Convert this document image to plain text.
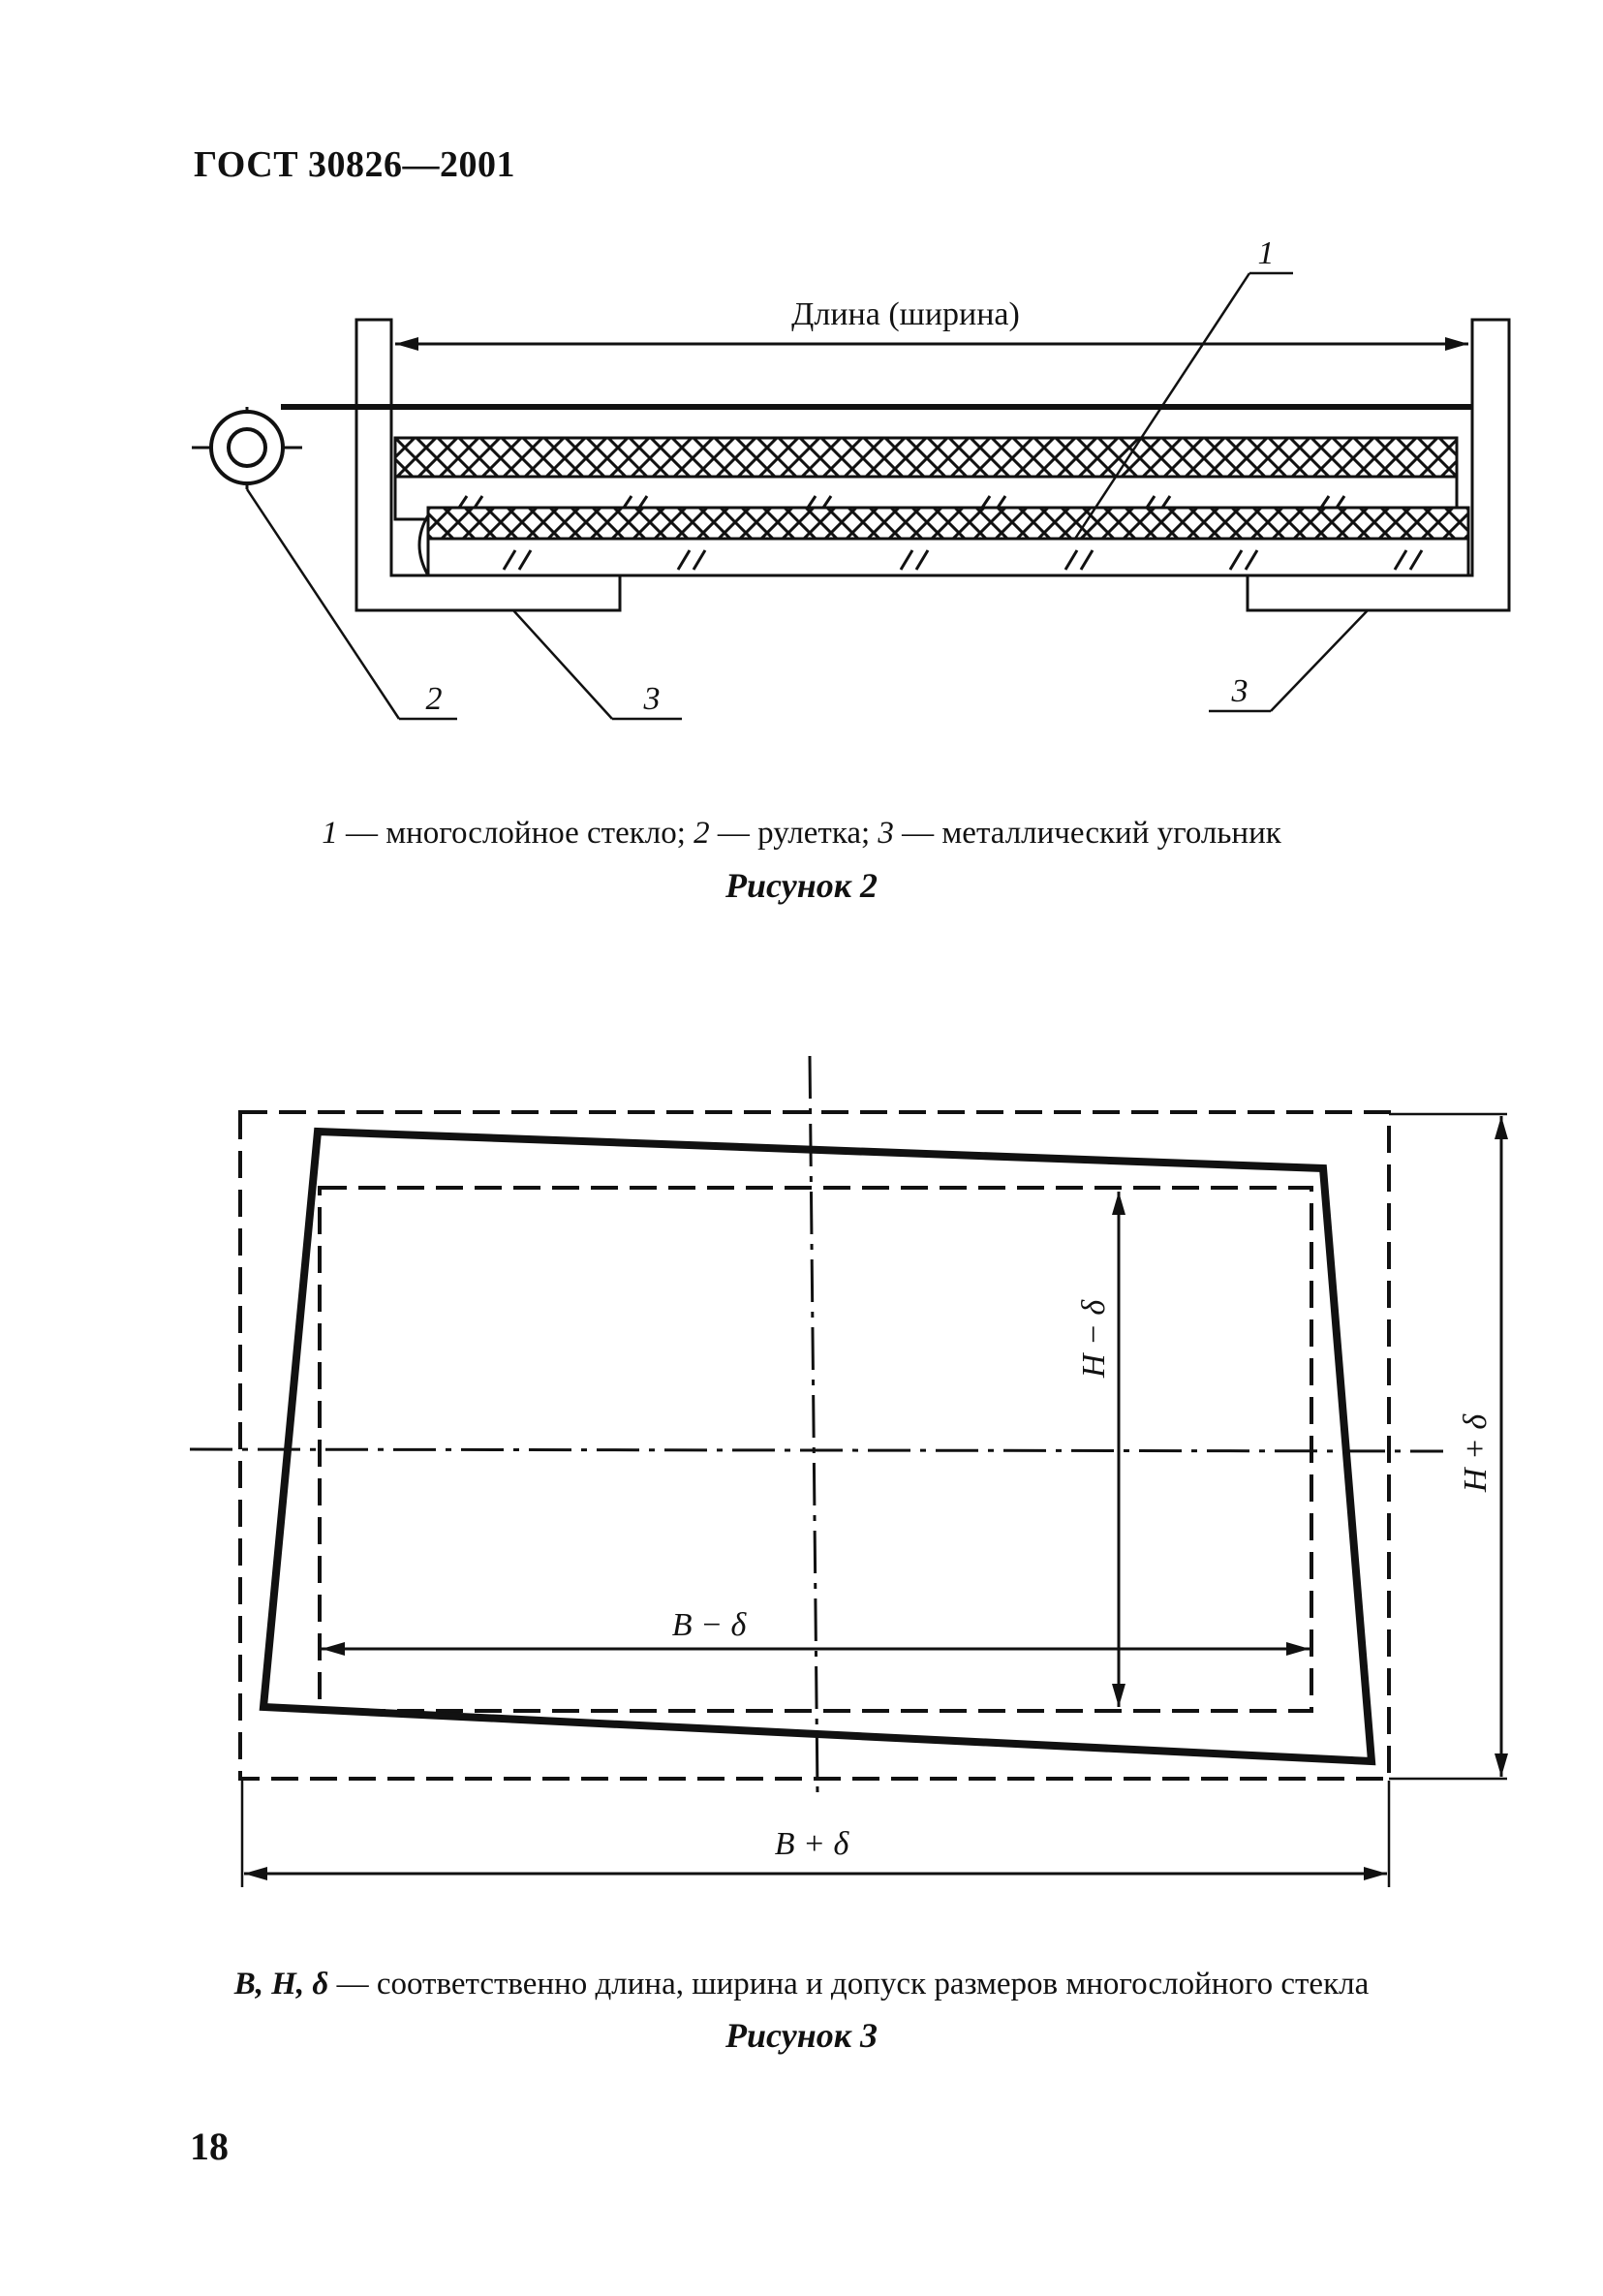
ГОСТ 30826—2001
Длина (ширина)
1
2	3	3
1 — многослойное стекло; 2 — рулетка; 3 — металлический угольник
Рисунок 2
H − δ
H + δ
B − δ
B + δ
B, H, δ — соответственно длина, ширина и допуск размеров многослойного стекла
Рисунок 3
18
